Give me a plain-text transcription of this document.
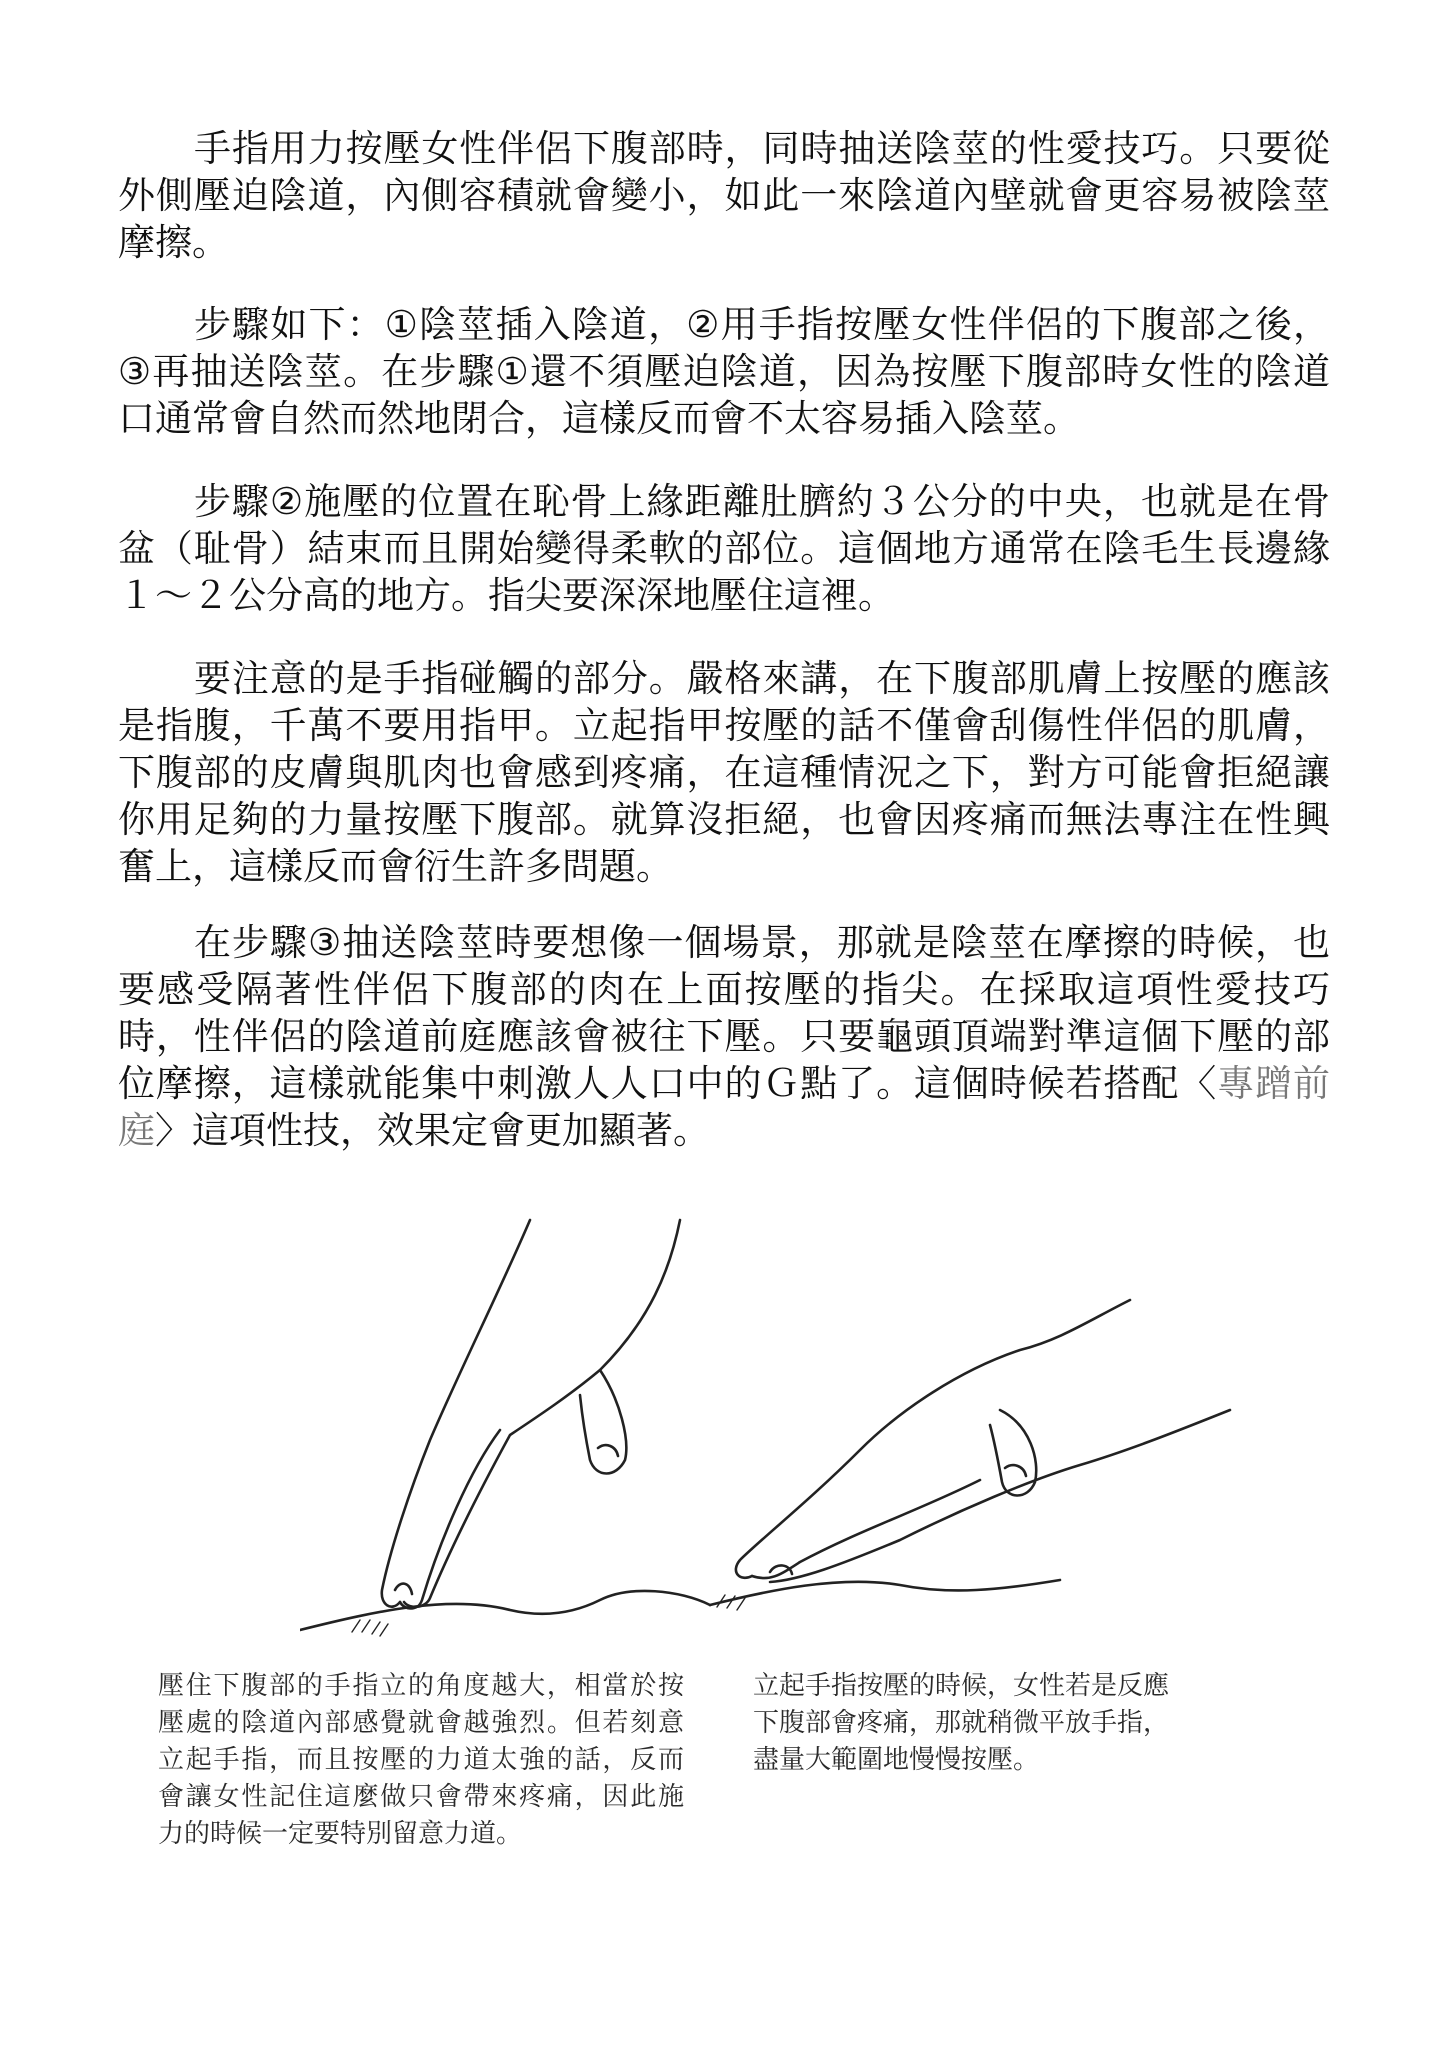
手指用力按壓女性伴侶下腹部時，同時抽送陰莖的性愛技巧。只要從
外側壓迫陰道，內側容積就會變小，如此一來陰道內壁就會更容易被陰莖
摩擦。
步驟如下：①陰莖插入陰道，②用手指按壓女性伴侶的下腹部之後，
③再抽送陰莖。在步驟①還不須壓迫陰道，因為按壓下腹部時女性的陰道
口通常會自然而然地閉合，這樣反而會不太容易插入陰莖。
步驟②施壓的位置在恥骨上緣距離肚臍約３公分的中央，也就是在骨
盆（耻骨）結束而且開始變得柔軟的部位。這個地方通常在陰毛生長邊緣
１～２公分高的地方。指尖要深深地壓住這裡。
要注意的是手指碰觸的部分。嚴格來講，在下腹部肌膚上按壓的應該
是指腹，千萬不要用指甲。立起指甲按壓的話不僅會刮傷性伴侶的肌膚，
下腹部的皮膚與肌肉也會感到疼痛，在這種情況之下，對方可能會拒絕讓
你用足夠的力量按壓下腹部。就算沒拒絕，也會因疼痛而無法專注在性興
奮上，這樣反而會衍生許多問題。
在步驟③抽送陰莖時要想像一個場景，那就是陰莖在摩擦的時候，也
要感受隔著性伴侶下腹部的肉在上面按壓的指尖。在採取這項性愛技巧
時，性伴侶的陰道前庭應該會被往下壓。只要龜頭頂端對準這個下壓的部
位摩擦，這樣就能集中刺激人人口中的Ｇ點了。這個時候若搭配〈專蹭前
庭〉這項性技，效果定會更加顯著。
壓住下腹部的手指立的角度越大，相當於按
壓處的陰道內部感覺就會越強烈。但若刻意
立起手指，而且按壓的力道太強的話，反而
會讓女性記住這麼做只會帶來疼痛，因此施
力的時候一定要特別留意力道。
立起手指按壓的時候，女性若是反應
下腹部會疼痛，那就稍微平放手指，
盡量大範圍地慢慢按壓。
